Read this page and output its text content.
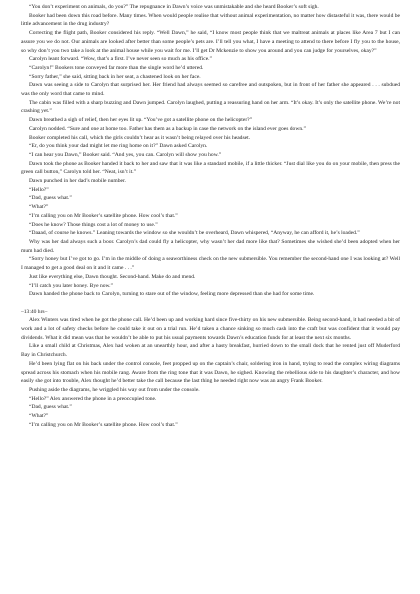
“You don’t experiment on animals, do you?” The repugnance in Dawn’s voice was unmistakable and she heard Booker’s soft sigh.

Booker had been down this road before. Many times. When would people realise that without animal experimentation, no matter how distasteful it was, there would be little advancement in the drug industry?

Correcting the flight path, Booker considered his reply. “Well Dawn,” he said, “I know most people think that we maltreat animals at places like Area 7 but I can assure you we do not. Our animals are looked after better than some people’s pets are. I’ll tell you what, I have a meeting to attend to there before I fly you to the house, so why don’t you two take a look at the animal house while you wait for me. I’ll get Dr Mckenzie to show you around and you can judge for yourselves, okay?”

Carolyn leant forward. “Wow, that’s a first. I’ve never seen so much as his office.”

“Carolyn!” Bookers tone conveyed far more than the single word he’d uttered.

“Sorry father,” she said, sitting back in her seat, a chastened look on her face.

Dawn was seeing a side to Carolyn that surprised her. Her friend had always seemed so carefree and outspoken, but in front of her father she appeared . . . subdued was the only word that came to mind.

The cabin was filled with a sharp buzzing and Dawn jumped. Carolyn laughed, putting a reassuring hand on her arm. “It’s okay. It’s only the satellite phone. We’re not crashing yet.”

Dawn breathed a sigh of relief, then her eyes lit up. “You’ve got a satellite phone on the helicopter?”

Carolyn nodded. “Sure and one at home too. Father has them as a backup in case the network on the island ever goes down.”

Booker completed his call, which the girls couldn’t hear as it wasn’t being relayed over his headset.

“Er, do you think your dad might let me ring home on it?” Dawn asked Carolyn.

“I can hear you Dawn,” Booker said. “And yes, you can. Carolyn will show you how.”

Dawn took the phone as Booker handed it back to her and saw that it was like a standard mobile, if a little thicker. “Just dial like you do on your mobile, then press the green call button,” Carolyn told her. “Neat, isn’t it.”

Dawn punched in her dad’s mobile number.

“Hello?”

“Dad, guess what.”

“What?”

“I’m calling you on Mr Booker’s satellite phone. How cool’s that.”

“Does he know? Those things cost a lot of money to use.”

“Daaad, of course he knows.” Leaning towards the window so she wouldn’t be overheard, Dawn whispered, “Anyway, he can afford it, he’s loaded.”

Why was her dad always such a boor. Carolyn’s dad could fly a helicopter, why wasn’t her dad more like that? Sometimes she wished she’d been adopted when her mum had died.

“Sorry honey but I’ve got to go. I’m in the middle of doing a seaworthiness check on the new submersible. You remember the second-hand one I was looking at? Well I managed to get a good deal on it and it came . . .”

Just like everything else, Dawn thought. Second-hand. Make do and mend.

“I’ll catch you later honey. Bye now.”

Dawn handed the phone back to Carolyn, turning to stare out of the window, feeling more depressed than she had for some time.

–13:40 hrs–

Alex Winters was tired when he got the phone call. He’d been up and working hard since five-thirty on his new submersible. Being second-hand, it had needed a bit of work and a lot of safety checks before he could take it out on a trial run. He’d taken a chance sinking so much cash into the craft but was confident that it would pay dividends. What it did mean was that he wouldn’t be able to put his usual payments towards Dawn’s education funds for at least the next six months.

Like a small child at Christmas, Alex had woken at an unearthly hour, and after a hasty breakfast, hurried down to the small dock that he rented just off Muderford Bay in Christchurch.

He’d been lying flat on his back under the control console, feet propped up on the captain’s chair, soldering iron in hand, trying to read the complex wiring diagrams spread across his stomach when his mobile rang. Aware from the ring tone that it was Dawn, he sighed. Knowing the rebellious side to his daughter’s character, and how easily she got into trouble, Alex thought he’d better take the call because the last thing he needed right now was an angry Frank Booker.

Pushing aside the diagrams, he wriggled his way out from under the console.

“Hello?” Alex answered the phone in a preoccupied tone.

“Dad, guess what.”

“What?”

“I’m calling you on Mr Booker’s satellite phone. How cool’s that.”
